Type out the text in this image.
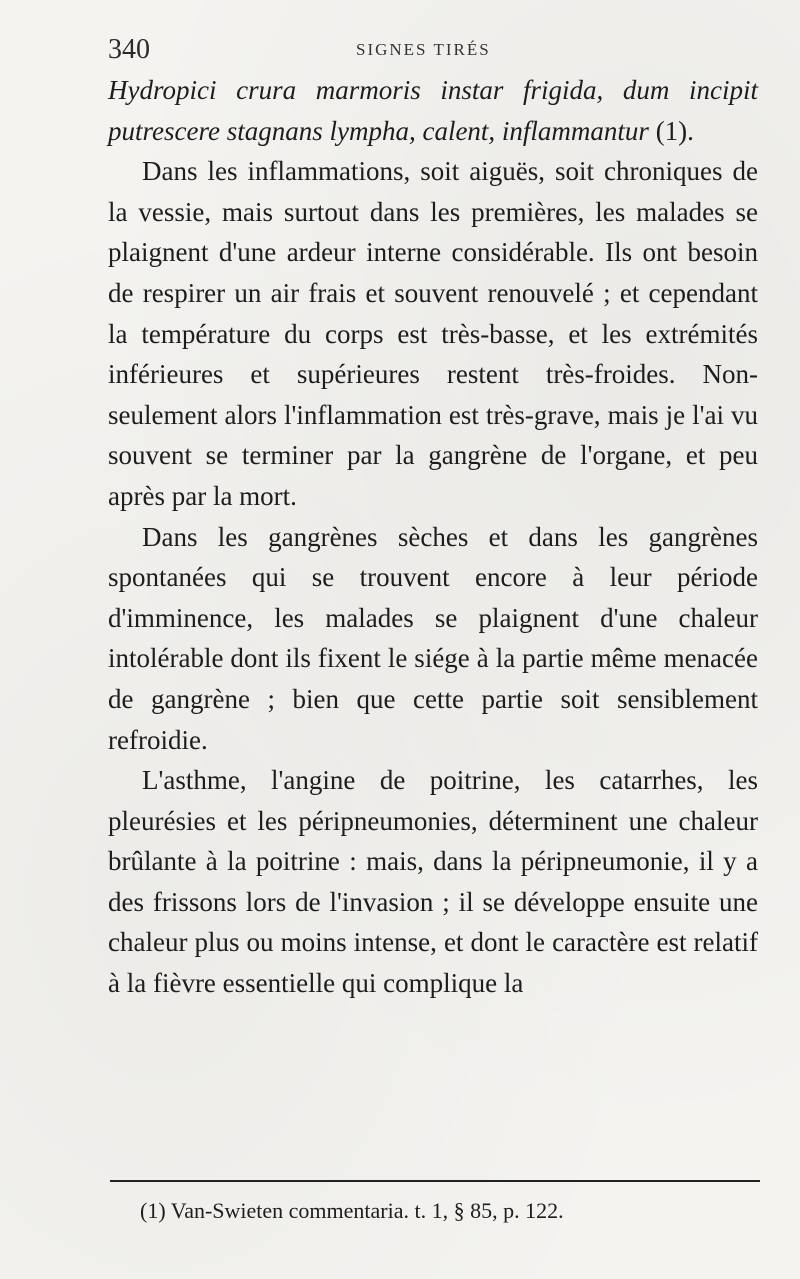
340	SIGNES TIRÉS

Hydropici crura marmoris instar frigida, dum incipit putrescere stagnans lympha, calent, inflammantur (1).

Dans les inflammations, soit aiguës, soit chroniques de la vessie, mais surtout dans les premières, les malades se plaignent d'une ardeur interne considérable. Ils ont besoin de respirer un air frais et souvent renouvelé ; et cependant la température du corps est très-basse, et les extrémités inférieures et supérieures restent très-froides. Non-seulement alors l'inflammation est très-grave, mais je l'ai vu souvent se terminer par la gangrène de l'organe, et peu après par la mort.

Dans les gangrènes sèches et dans les gangrènes spontanées qui se trouvent encore à leur période d'imminence, les malades se plaignent d'une chaleur intolérable dont ils fixent le siége à la partie même menacée de gangrène ; bien que cette partie soit sensiblement refroidie.

L'asthme, l'angine de poitrine, les catarrhes, les pleurésies et les péripneumonies, déterminent une chaleur brûlante à la poitrine : mais, dans la péripneumonie, il y a des frissons lors de l'invasion ; il se développe ensuite une chaleur plus ou moins intense, et dont le caractère est relatif à la fièvre essentielle qui complique la

(1) Van-Swieten commentaria. t. 1, § 85, p. 122.
